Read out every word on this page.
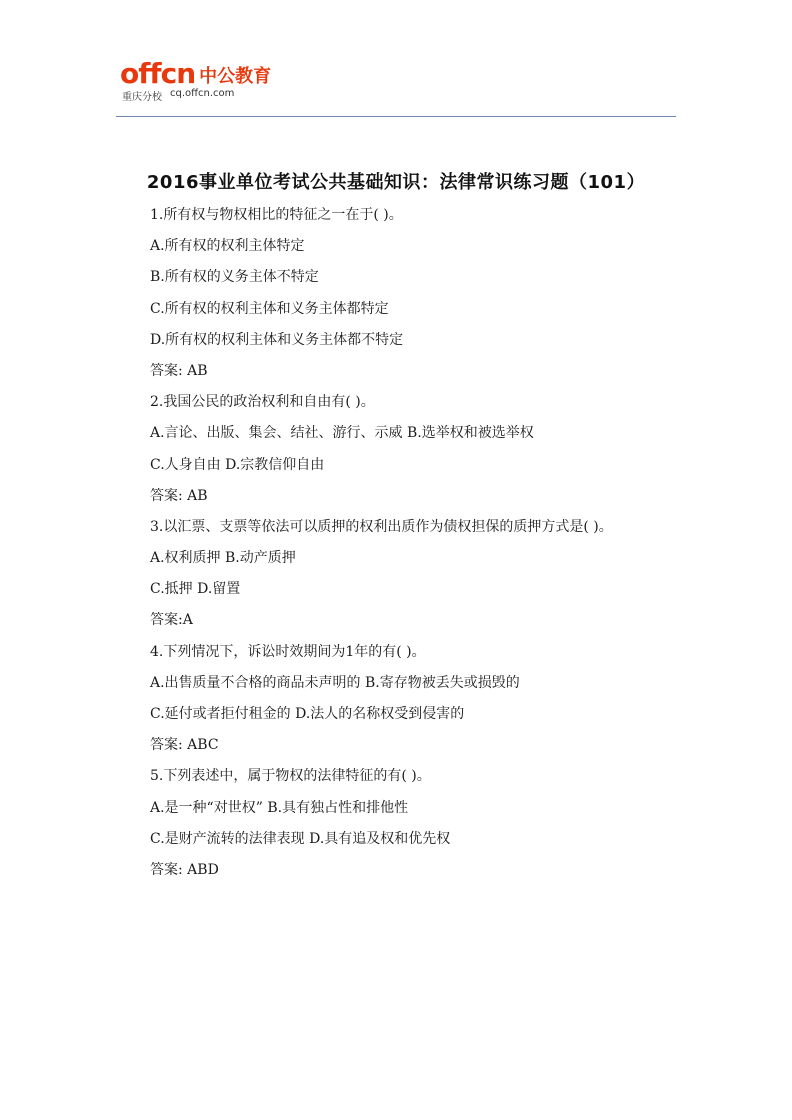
offcn 中公教育
重庆分校 cq.offcn.com
2016事业单位考试公共基础知识：法律常识练习题（101）
1.所有权与物权相比的特征之一在于( )。
A.所有权的权利主体特定
B.所有权的义务主体不特定
C.所有权的权利主体和义务主体都特定
D.所有权的权利主体和义务主体都不特定
答案: AB
2.我国公民的政治权利和自由有( )。
A.言论、出版、集会、结社、游行、示威 B.选举权和被选举权
C.人身自由 D.宗教信仰自由
答案: AB
3.以汇票、支票等依法可以质押的权利出质作为债权担保的质押方式是( )。
A.权利质押 B.动产质押
C.抵押 D.留置
答案:A
4.下列情况下，诉讼时效期间为1年的有( )。
A.出售质量不合格的商品未声明的 B.寄存物被丢失或损毁的
C.延付或者拒付租金的 D.法人的名称权受到侵害的
答案: ABC
5.下列表述中，属于物权的法律特征的有( )。
A.是一种“对世权” B.具有独占性和排他性
C.是财产流转的法律表现 D.具有追及权和优先权
答案: ABD
